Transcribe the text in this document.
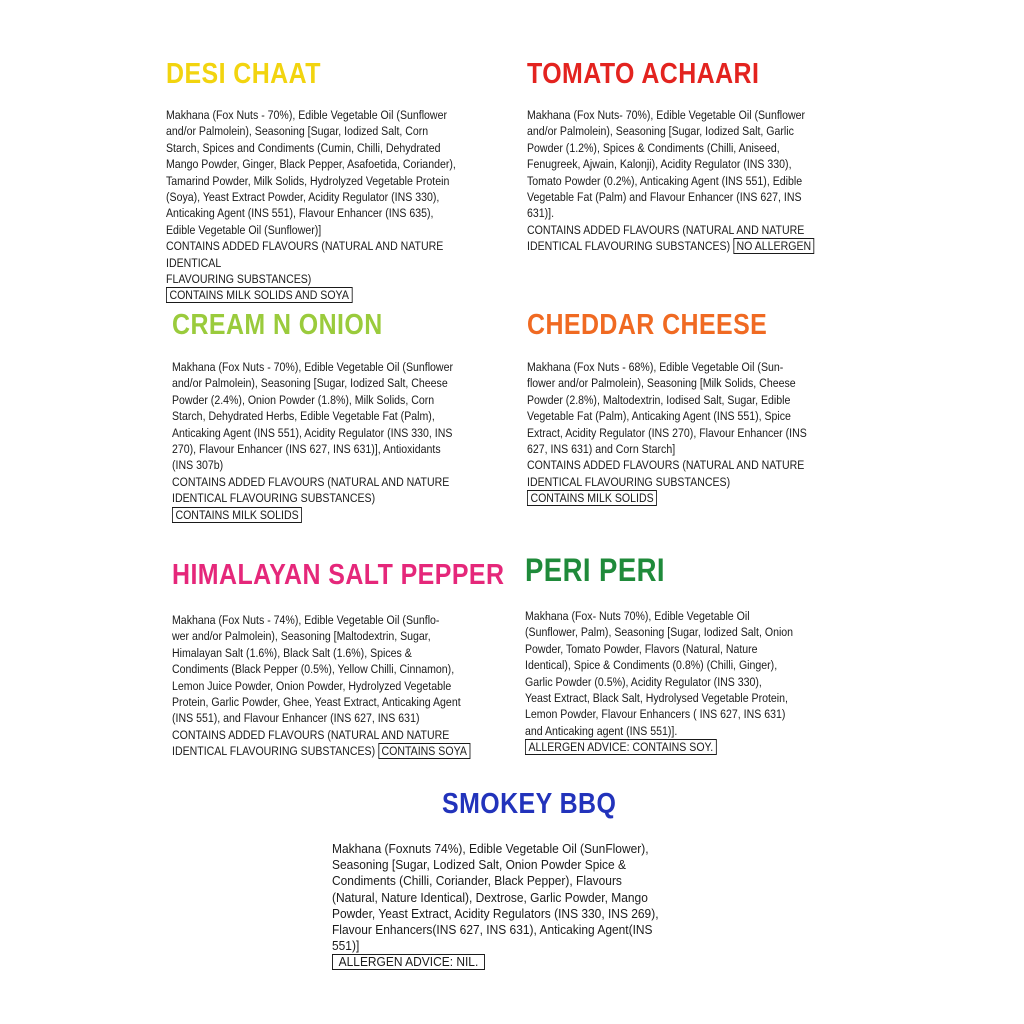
DESI CHAAT
Makhana (Fox Nuts - 70%), Edible Vegetable Oil (Sunflower
and/or Palmolein), Seasoning [Sugar, Iodized Salt, Corn
Starch, Spices and Condiments (Cumin, Chilli, Dehydrated
Mango Powder, Ginger, Black Pepper, Asafoetida, Coriander),
Tamarind Powder, Milk Solids, Hydrolyzed Vegetable Protein
(Soya), Yeast Extract Powder, Acidity Regulator (INS 330),
Anticaking Agent (INS 551), Flavour Enhancer (INS 635),
Edible Vegetable Oil (Sunflower)]
CONTAINS ADDED FLAVOURS (NATURAL AND NATURE IDENTICAL
FLAVOURING SUBSTANCES)CONTAINS MILK SOLIDS AND SOYA
TOMATO ACHAARI
Makhana (Fox Nuts- 70%), Edible Vegetable Oil (Sunflower
and/or Palmolein), Seasoning [Sugar, Iodized Salt, Garlic
Powder (1.2%), Spices & Condiments (Chilli, Aniseed,
Fenugreek, Ajwain, Kalonji), Acidity Regulator (INS 330),
Tomato Powder (0.2%), Anticaking Agent (INS 551), Edible
Vegetable Fat (Palm) and Flavour Enhancer (INS 627, INS
631)].
CONTAINS ADDED FLAVOURS (NATURAL AND NATURE
IDENTICAL FLAVOURING SUBSTANCES) NO ALLERGEN
CREAM N ONION
Makhana (Fox Nuts - 70%), Edible Vegetable Oil (Sunflower
and/or Palmolein), Seasoning [Sugar, Iodized Salt, Cheese
Powder (2.4%), Onion Powder (1.8%), Milk Solids, Corn
Starch, Dehydrated Herbs, Edible Vegetable Fat (Palm),
Anticaking Agent (INS 551), Acidity Regulator (INS 330, INS
270), Flavour Enhancer (INS 627, INS 631)], Antioxidants
(INS 307b)
CONTAINS ADDED FLAVOURS (NATURAL AND NATURE
IDENTICAL FLAVOURING SUBSTANCES)CONTAINS MILK SOLIDS
CHEDDAR CHEESE
Makhana (Fox Nuts - 68%), Edible Vegetable Oil (Sun-
flower and/or Palmolein), Seasoning [Milk Solids, Cheese
Powder (2.8%), Maltodextrin, Iodised Salt, Sugar, Edible
Vegetable Fat (Palm), Anticaking Agent (INS 551), Spice
Extract, Acidity Regulator (INS 270), Flavour Enhancer (INS
627, INS 631) and Corn Starch]
CONTAINS ADDED FLAVOURS (NATURAL AND NATURE
IDENTICAL FLAVOURING SUBSTANCES)
CONTAINS MILK SOLIDS
HIMALAYAN SALT PEPPER
Makhana (Fox Nuts - 74%), Edible Vegetable Oil (Sunflo-
wer and/or Palmolein), Seasoning [Maltodextrin, Sugar,
Himalayan Salt (1.6%), Black Salt (1.6%), Spices &
Condiments (Black Pepper (0.5%), Yellow Chilli, Cinnamon),
Lemon Juice Powder, Onion Powder, Hydrolyzed Vegetable
Protein, Garlic Powder, Ghee, Yeast Extract, Anticaking Agent
(INS 551), and Flavour Enhancer (INS 627, INS 631)
CONTAINS ADDED FLAVOURS (NATURAL AND NATURE
IDENTICAL FLAVOURING SUBSTANCES) CONTAINS SOYA
PERI PERI
Makhana (Fox- Nuts 70%), Edible Vegetable Oil
(Sunflower, Palm), Seasoning [Sugar, Iodized Salt, Onion
Powder, Tomato Powder, Flavors (Natural, Nature
Identical), Spice & Condiments (0.8%) (Chilli, Ginger),
Garlic Powder (0.5%), Acidity Regulator (INS 330),
Yeast Extract, Black Salt, Hydrolysed Vegetable Protein,
Lemon Powder, Flavour Enhancers ( INS 627, INS 631)
and Anticaking agent (INS 551)].
ALLERGEN ADVICE: CONTAINS SOY.
SMOKEY BBQ
Makhana (Foxnuts 74%), Edible Vegetable Oil (SunFlower),
Seasoning [Sugar, Lodized Salt, Onion Powder Spice &
Condiments (Chilli, Coriander, Black Pepper), Flavours
(Natural, Nature Identical), Dextrose, Garlic Powder, Mango
Powder, Yeast Extract, Acidity Regulators (INS 330, INS 269),
Flavour Enhancers(INS 627, INS 631), Anticaking Agent(INS
551)]
ALLERGEN ADVICE: NIL.
